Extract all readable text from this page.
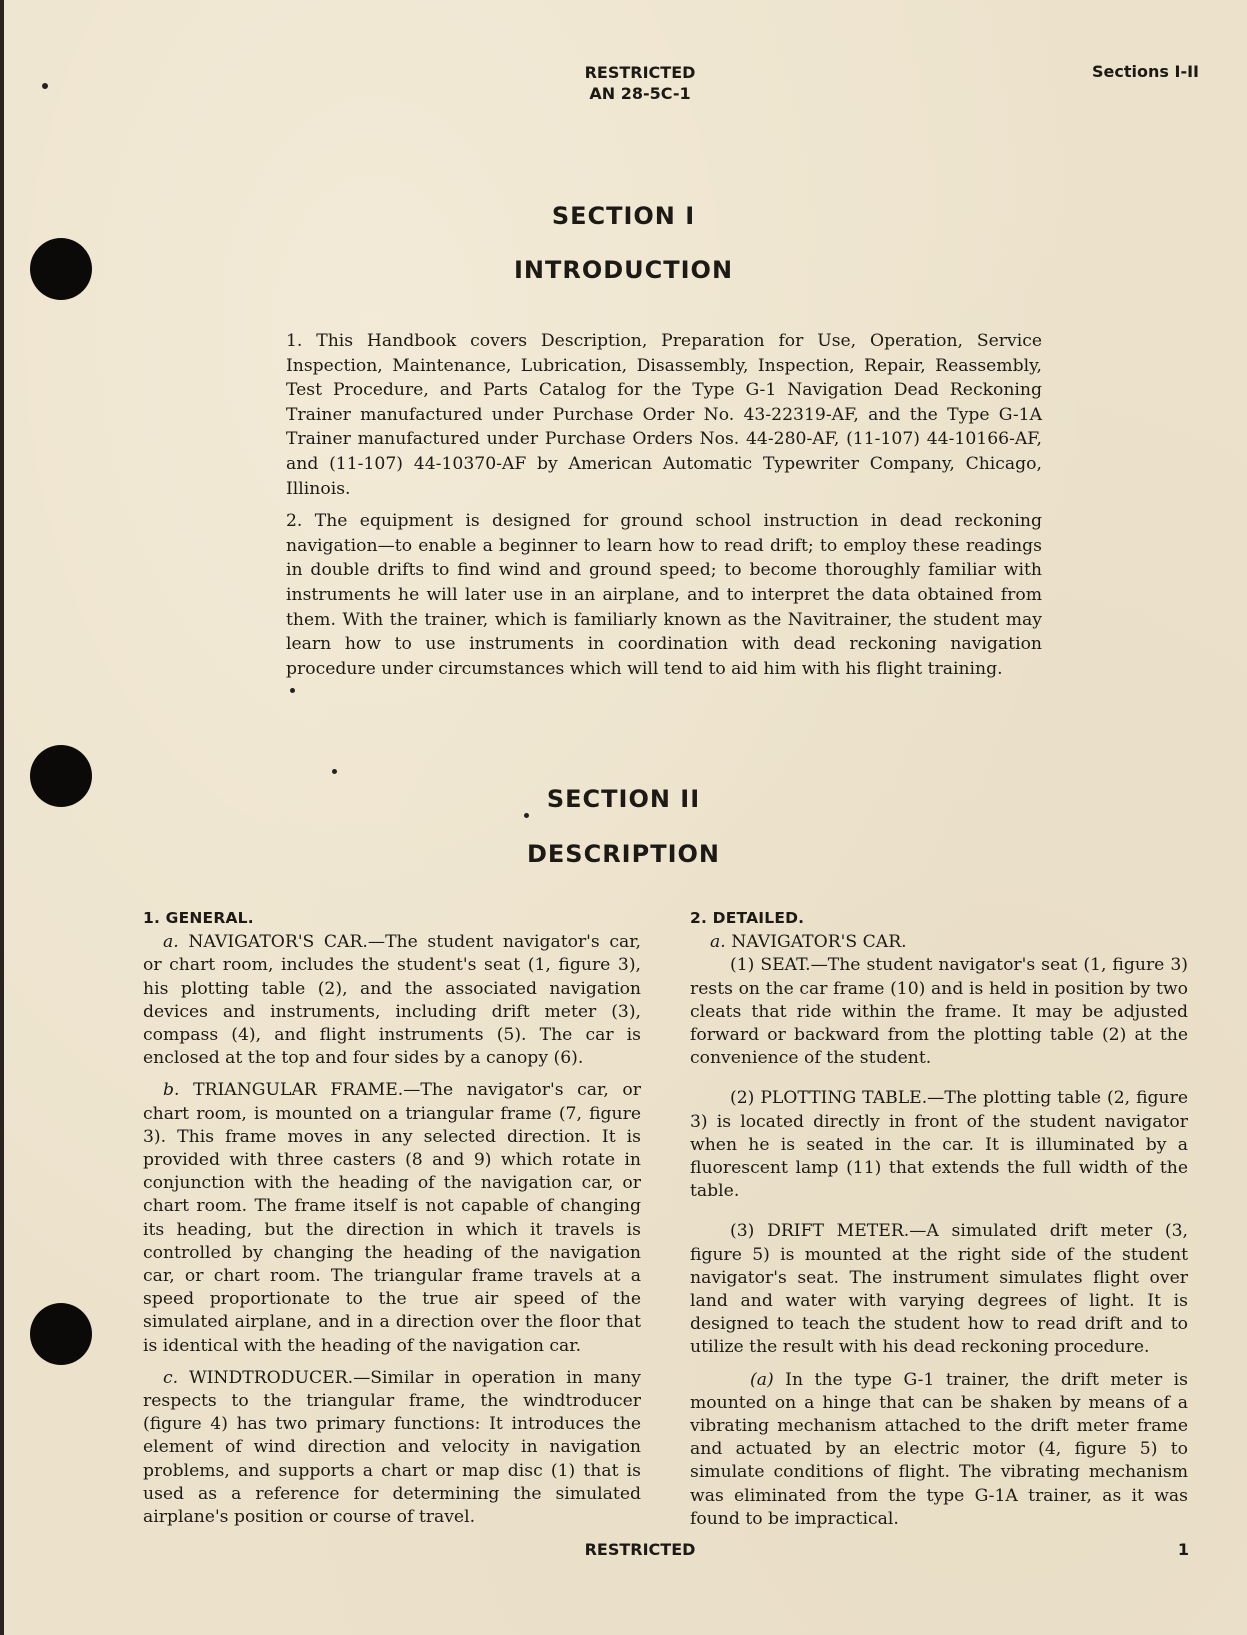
RESTRICTED
AN 28-5C-1
Sections I-II
SECTION I
INTRODUCTION

1. This Handbook covers Description, Preparation for Use, Operation, Service Inspection, Maintenance, Lubrication, Disassembly, Inspection, Repair, Reassembly, Test Procedure, and Parts Catalog for the Type G-1 Navigation Dead Reckoning Trainer manufactured under Purchase Order No. 43-22319-AF, and the Type G-1A Trainer manufactured under Purchase Orders Nos. 44-280-AF, (11-107) 44-10166-AF, and (11-107) 44-10370-AF by American Automatic Typewriter Company, Chicago, Illinois.

2. The equipment is designed for ground school instruction in dead reckoning navigation—to enable a beginner to learn how to read drift; to employ these readings in double drifts to find wind and ground speed; to become thoroughly familiar with instruments he will later use in an airplane, and to interpret the data obtained from them. With the trainer, which is familiarly known as the Navitrainer, the student may learn how to use instruments in coordination with dead reckoning navigation procedure under circumstances which will tend to aid him with his flight training.

SECTION II
DESCRIPTION
1. GENERAL.

a. NAVIGATOR'S CAR.—The student navigator's car, or chart room, includes the student's seat (1, figure 3), his plotting table (2), and the associated navigation devices and instruments, including drift meter (3), compass (4), and flight instruments (5). The car is enclosed at the top and four sides by a canopy (6).

b. TRIANGULAR FRAME.—The navigator's car, or chart room, is mounted on a triangular frame (7, figure 3). This frame moves in any selected direction. It is provided with three casters (8 and 9) which rotate in conjunction with the heading of the navigation car, or chart room. The frame itself is not capable of changing its heading, but the direction in which it travels is controlled by changing the heading of the navigation car, or chart room. The triangular frame travels at a speed proportionate to the true air speed of the simulated airplane, and in a direction over the floor that is identical with the heading of the navigation car.

c. WINDTRODUCER.—Similar in operation in many respects to the triangular frame, the windtroducer (figure 4) has two primary functions: It introduces the element of wind direction and velocity in navigation problems, and supports a chart or map disc (1) that is used as a reference for determining the simulated airplane's position or course of travel.

2. DETAILED.

a. NAVIGATOR'S CAR.

(1) SEAT.—The student navigator's seat (1, figure 3) rests on the car frame (10) and is held in position by two cleats that ride within the frame. It may be adjusted forward or backward from the plotting table (2) at the convenience of the student.

(2) PLOTTING TABLE.—The plotting table (2, figure 3) is located directly in front of the student navigator when he is seated in the car. It is illuminated by a fluorescent lamp (11) that extends the full width of the table.

(3) DRIFT METER.—A simulated drift meter (3, figure 5) is mounted at the right side of the student navigator's seat. The instrument simulates flight over land and water with varying degrees of light. It is designed to teach the student how to read drift and to utilize the result with his dead reckoning procedure.

(a) In the type G-1 trainer, the drift meter is mounted on a hinge that can be shaken by means of a vibrating mechanism attached to the drift meter frame and actuated by an electric motor (4, figure 5) to simulate conditions of flight. The vibrating mechanism was eliminated from the type G-1A trainer, as it was found to be impractical.

RESTRICTED	1
